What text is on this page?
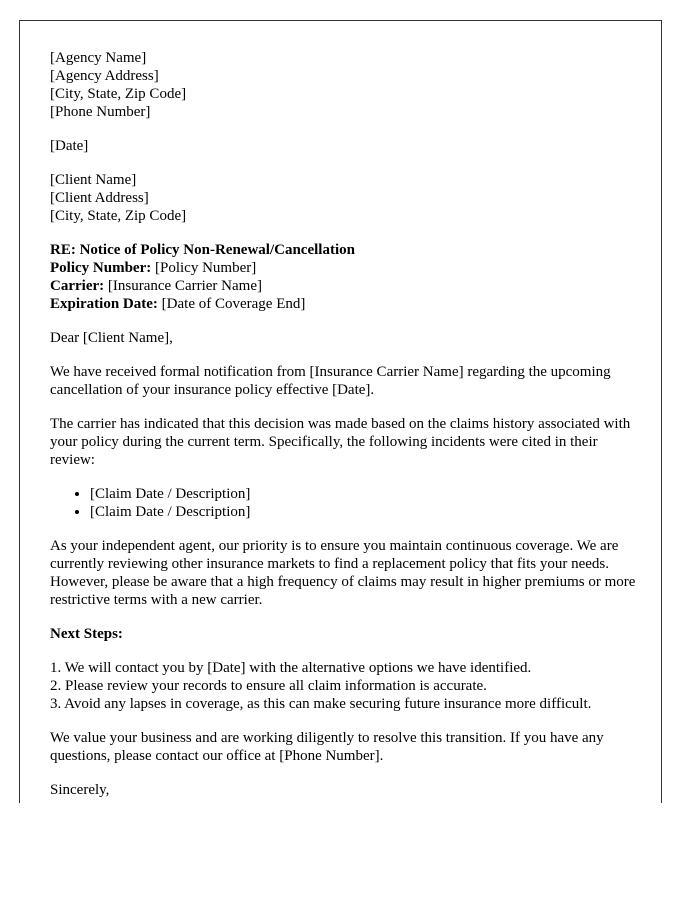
[Agency Name]
[Agency Address]
[City, State, Zip Code]
[Phone Number]
[Date]
[Client Name]
[Client Address]
[City, State, Zip Code]
RE: Notice of Policy Non-Renewal/Cancellation
Policy Number: [Policy Number]
Carrier: [Insurance Carrier Name]
Expiration Date: [Date of Coverage End]

Dear [Client Name],

We have received formal notification from [Insurance Carrier Name] regarding the upcoming cancellation of your insurance policy effective [Date].

The carrier has indicated that this decision was made based on the claims history associated with your policy during the current term. Specifically, the following incidents were cited in their review:

• [Claim Date / Description]
• [Claim Date / Description]

As your independent agent, our priority is to ensure you maintain continuous coverage. We are currently reviewing other insurance markets to find a replacement policy that fits your needs. However, please be aware that a high frequency of claims may result in higher premiums or more restrictive terms with a new carrier.

Next Steps:

1. We will contact you by [Date] with the alternative options we have identified.
2. Please review your records to ensure all claim information is accurate.
3. Avoid any lapses in coverage, as this can make securing future insurance more difficult.

We value your business and are working diligently to resolve this transition. If you have any questions, please contact our office at [Phone Number].

Sincerely,
